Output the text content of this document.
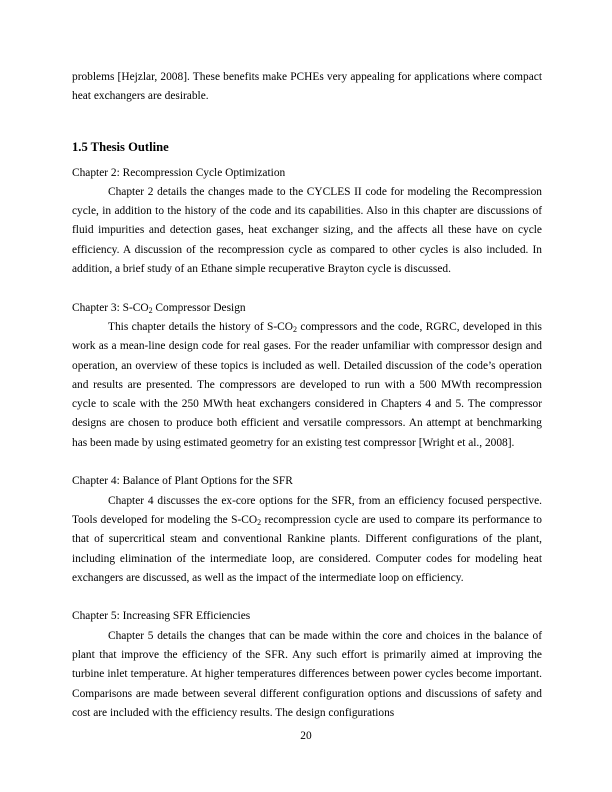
problems [Hejzlar, 2008]. These benefits make PCHEs very appealing for applications where compact heat exchangers are desirable.

1.5 Thesis Outline
Chapter 2: Recompression Cycle Optimization

Chapter 2 details the changes made to the CYCLES II code for modeling the Recompression cycle, in addition to the history of the code and its capabilities. Also in this chapter are discussions of fluid impurities and detection gases, heat exchanger sizing, and the affects all these have on cycle efficiency. A discussion of the recompression cycle as compared to other cycles is also included. In addition, a brief study of an Ethane simple recuperative Brayton cycle is discussed.

Chapter 3: $S-CO_2$ Compressor Design

This chapter details the history of $S-CO_2$ compressors and the code, RGRC, developed in this work as a mean-line design code for real gases. For the reader unfamiliar with compressor design and operation, an overview of these topics is included as well. Detailed discussion of the code’s operation and results are presented. The compressors are developed to run with a 500 MWth recompression cycle to scale with the 250 MWth heat exchangers considered in Chapters 4 and 5. The compressor designs are chosen to produce both efficient and versatile compressors. An attempt at benchmarking has been made by using estimated geometry for an existing test compressor [Wright et al., 2008].

Chapter 4: Balance of Plant Options for the SFR

Chapter 4 discusses the ex-core options for the SFR, from an efficiency focused perspective. Tools developed for modeling the $S-CO_2$ recompression cycle are used to compare its performance to that of supercritical steam and conventional Rankine plants. Different configurations of the plant, including elimination of the intermediate loop, are considered. Computer codes for modeling heat exchangers are discussed, as well as the impact of the intermediate loop on efficiency.

Chapter 5: Increasing SFR Efficiencies

Chapter 5 details the changes that can be made within the core and choices in the balance of plant that improve the efficiency of the SFR. Any such effort is primarily aimed at improving the turbine inlet temperature. At higher temperatures differences between power cycles become important. Comparisons are made between several different configuration options and discussions of safety and cost are included with the efficiency results. The design configurations

20
